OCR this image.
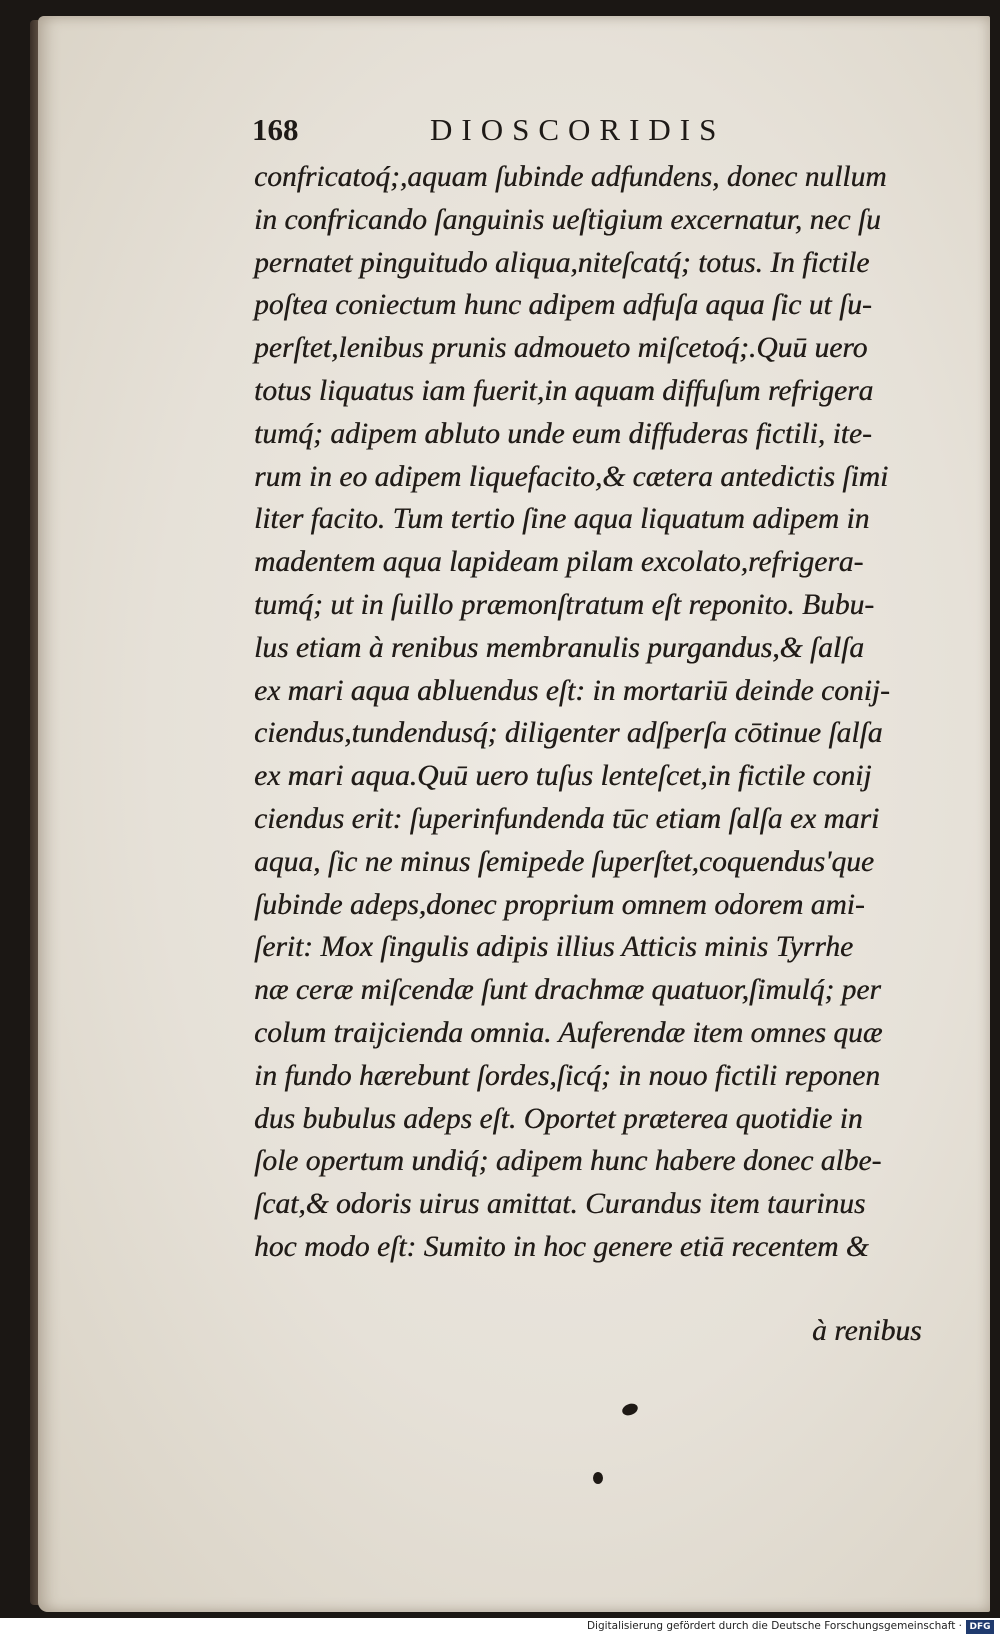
168	DIOSCORIDIS
confricatoq́;,aquam ſubinde adfundens, donec nullum
in confricando ſanguinis ueſtigium excernatur, nec ſu
pernatet pinguitudo aliqua,niteſcatq́; totus. In fictile
poſtea coniectum hunc adipem adfuſa aqua ſic ut ſu-
perſtet,lenibus prunis admoueto miſcetoq́;.Quū uero
totus liquatus iam fuerit,in aquam diffuſum refrigera
tumq́; adipem abluto unde eum diffuderas fictili, ite-
rum in eo adipem liquefacito,& cætera antedictis ſimi
liter facito. Tum tertio ſine aqua liquatum adipem in
madentem aqua lapideam pilam excolato,refrigera-
tumq́; ut in ſuillo præmonſtratum eſt reponito. Bubu-
lus etiam à renibus membranulis purgandus,& ſalſa
ex mari aqua abluendus eſt: in mortariū deinde conij-
ciendus,tundendusq́; diligenter adſperſa cōtinue ſalſa
ex mari aqua.Quū uero tuſus lenteſcet,in fictile conij
ciendus erit: ſuperinfundenda tūc etiam ſalſa ex mari
aqua, ſic ne minus ſemipede ſuperſtet,coquendus'que
ſubinde adeps,donec proprium omnem odorem ami-
ſerit: Mox ſingulis adipis illius Atticis minis Tyrrhe
næ ceræ miſcendæ ſunt drachmæ quatuor,ſimulq́; per
colum traijcienda omnia. Auferendæ item omnes quæ
in fundo hærebunt ſordes,ſicq́; in nouo fictili reponen
dus bubulus adeps eſt. Oportet præterea quotidie in
ſole opertum undiq́; adipem hunc habere donec albe-
ſcat,& odoris uirus amittat. Curandus item taurinus
hoc modo eſt: Sumito in hoc genere etiā recentem &
à renibus
Digitalisierung gefördert durch die Deutsche Forschungsgemeinschaft · DFG
